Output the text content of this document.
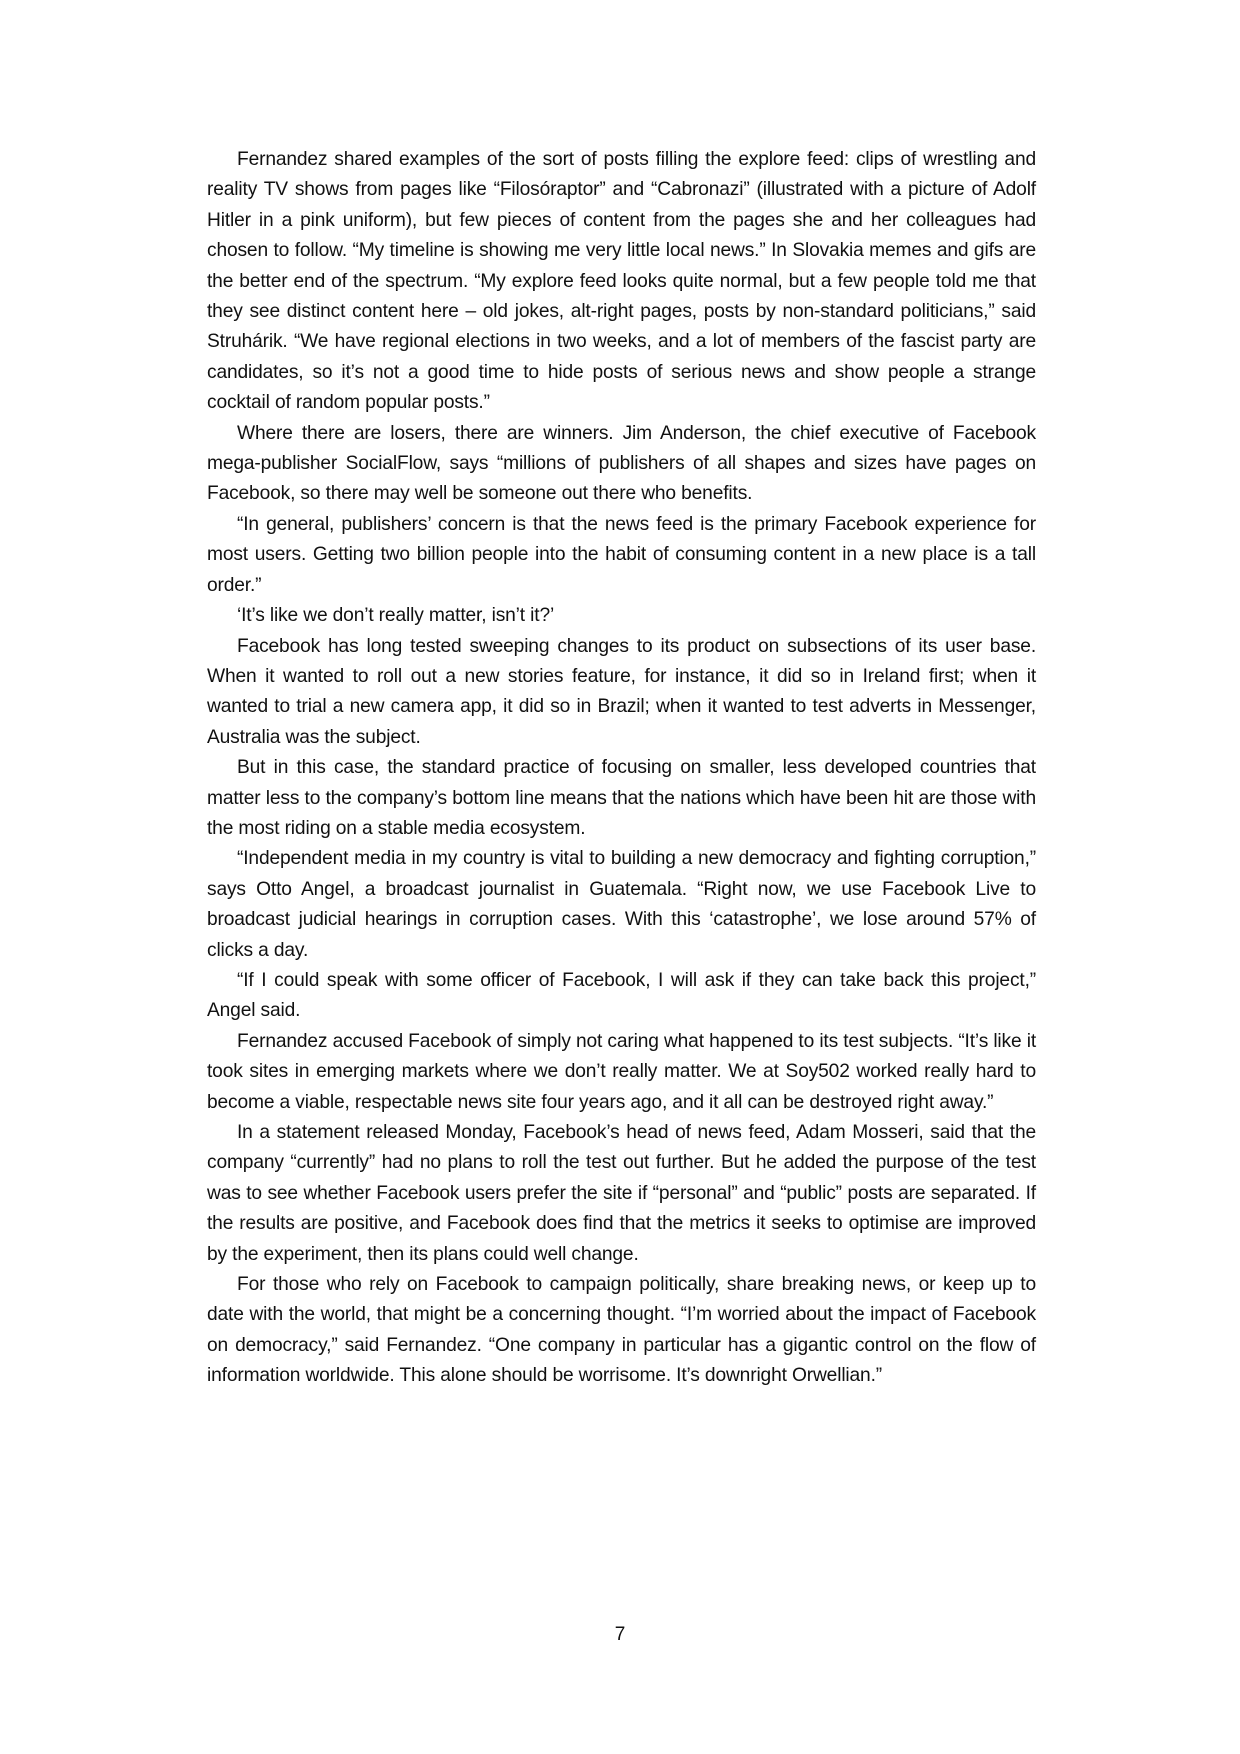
Fernandez shared examples of the sort of posts filling the explore feed: clips of wrestling and reality TV shows from pages like “Filosóraptor” and “Cabronazi” (illustrated with a picture of Adolf Hitler in a pink uniform), but few pieces of content from the pages she and her colleagues had chosen to follow. “My timeline is showing me very little local news.” In Slovakia memes and gifs are the better end of the spectrum. “My explore feed looks quite normal, but a few people told me that they see distinct content here – old jokes, alt-right pages, posts by non-standard politicians,” said Struhárik. “We have regional elections in two weeks, and a lot of members of the fascist party are candidates, so it’s not a good time to hide posts of serious news and show people a strange cocktail of random popular posts.”

Where there are losers, there are winners. Jim Anderson, the chief executive of Facebook mega-publisher SocialFlow, says “millions of publishers of all shapes and sizes have pages on Facebook, so there may well be someone out there who benefits.

“In general, publishers’ concern is that the news feed is the primary Facebook experience for most users. Getting two billion people into the habit of consuming content in a new place is a tall order.”

‘It’s like we don’t really matter, isn’t it?’

Facebook has long tested sweeping changes to its product on subsections of its user base. When it wanted to roll out a new stories feature, for instance, it did so in Ireland first; when it wanted to trial a new camera app, it did so in Brazil; when it wanted to test adverts in Messenger, Australia was the subject.

But in this case, the standard practice of focusing on smaller, less developed countries that matter less to the company’s bottom line means that the nations which have been hit are those with the most riding on a stable media ecosystem.

“Independent media in my country is vital to building a new democracy and fighting corruption,” says Otto Angel, a broadcast journalist in Guatemala. “Right now, we use Facebook Live to broadcast judicial hearings in corruption cases. With this ‘catastrophe’, we lose around 57% of clicks a day.

“If I could speak with some officer of Facebook, I will ask if they can take back this project,” Angel said.

Fernandez accused Facebook of simply not caring what happened to its test subjects. “It’s like it took sites in emerging markets where we don’t really matter. We at Soy502 worked really hard to become a viable, respectable news site four years ago, and it all can be destroyed right away.”

In a statement released Monday, Facebook’s head of news feed, Adam Mosseri, said that the company “currently” had no plans to roll the test out further. But he added the purpose of the test was to see whether Facebook users prefer the site if “personal” and “public” posts are separated. If the results are positive, and Facebook does find that the metrics it seeks to optimise are improved by the experiment, then its plans could well change.

For those who rely on Facebook to campaign politically, share breaking news, or keep up to date with the world, that might be a concerning thought. “I’m worried about the impact of Facebook on democracy,” said Fernandez. “One company in particular has a gigantic control on the flow of information worldwide. This alone should be worrisome. It’s downright Orwellian.”

7
